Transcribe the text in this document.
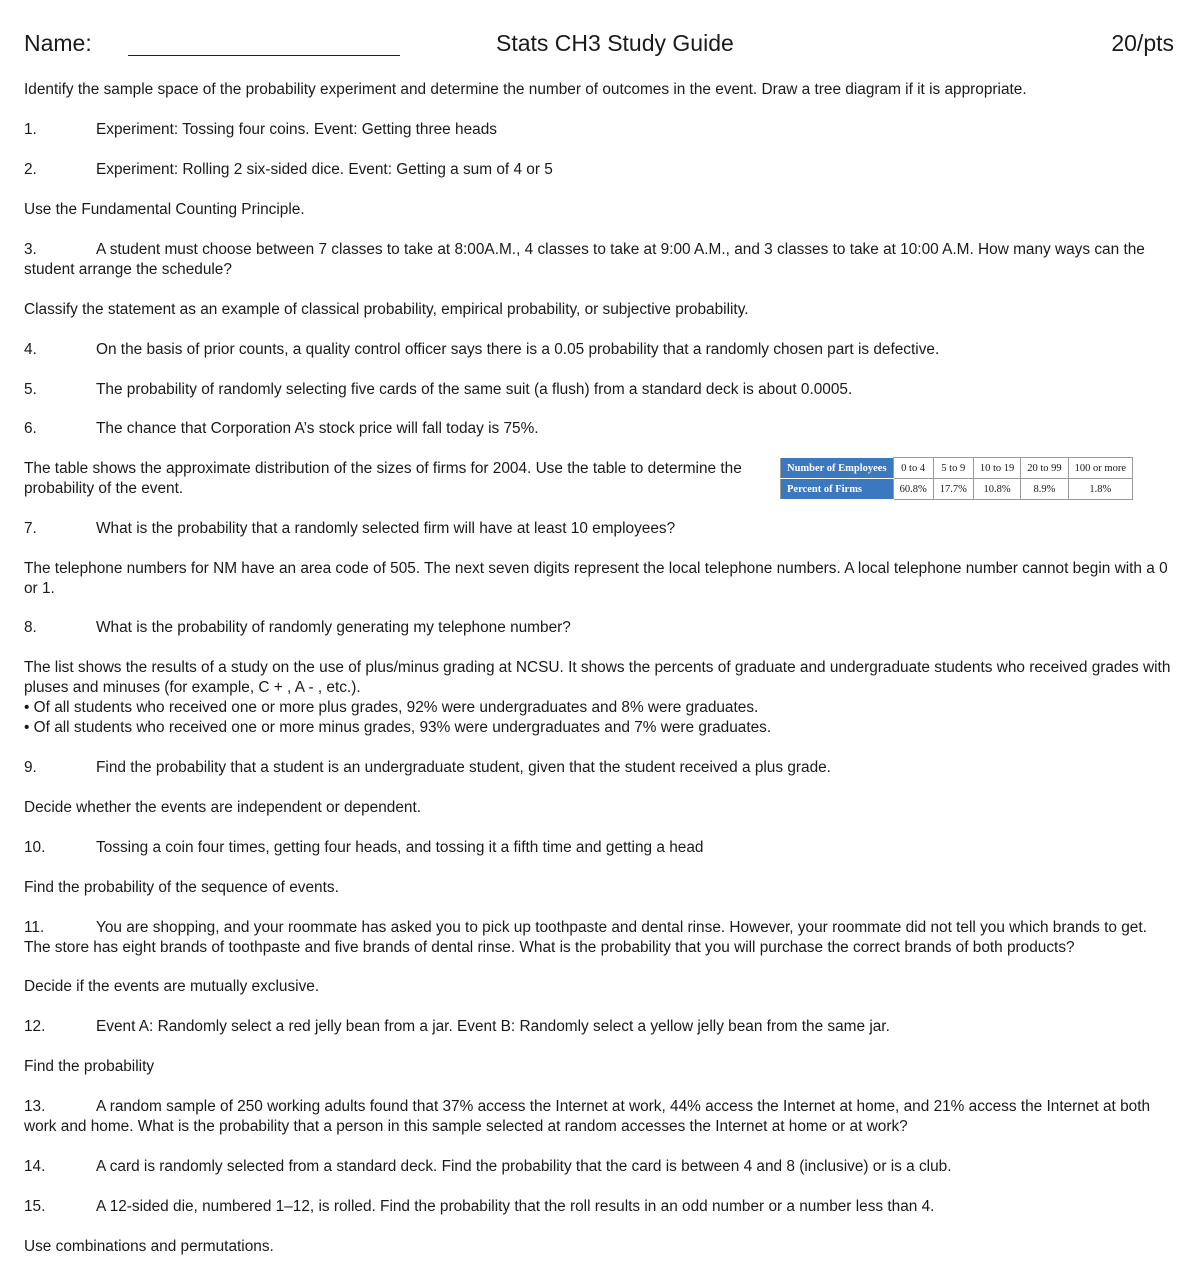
Name:	Stats CH3 Study Guide	20/pts
Identify the sample space of the probability experiment and determine the number of outcomes in the event. Draw a tree diagram if it is appropriate.
1.	Experiment: Tossing four coins. Event: Getting three heads
2.	Experiment: Rolling 2 six-sided dice. Event: Getting a sum of 4 or 5
Use the Fundamental Counting Principle.
3.	A student must choose between 7 classes to take at 8:00A.M., 4 classes to take at 9:00 A.M., and 3 classes to take at 10:00 A.M. How many ways can the student arrange the schedule?
Classify the statement as an example of classical probability, empirical probability, or subjective probability.
4.	On the basis of prior counts, a quality control officer says there is a 0.05 probability that a randomly chosen part is defective.
5.	The probability of randomly selecting five cards of the same suit (a flush) from a standard deck is about 0.0005.
6.	The chance that Corporation A’s stock price will fall today is 75%.
The table shows the approximate distribution of the sizes of firms for 2004. Use the table to determine the probability of the event.
Number of Employees	0 to 4	5 to 9	10 to 19	20 to 99	100 or more
Percent of Firms	60.8%	17.7%	10.8%	8.9%	1.8%
7.	What is the probability that a randomly selected firm will have at least 10 employees?
The telephone numbers for NM have an area code of 505. The next seven digits represent the local telephone numbers. A local telephone number cannot begin with a 0 or 1.
8.	What is the probability of randomly generating my telephone number?
The list shows the results of a study on the use of plus/minus grading at NCSU. It shows the percents of graduate and undergraduate students who received grades with pluses and minuses (for example, C + , A - , etc.).
• Of all students who received one or more plus grades, 92% were undergraduates and 8% were graduates.
• Of all students who received one or more minus grades, 93% were undergraduates and 7% were graduates.
9.	Find the probability that a student is an undergraduate student, given that the student received a plus grade.
Decide whether the events are independent or dependent.
10.	Tossing a coin four times, getting four heads, and tossing it a fifth time and getting a head
Find the probability of the sequence of events.
11.	You are shopping, and your roommate has asked you to pick up toothpaste and dental rinse. However, your roommate did not tell you which brands to get. The store has eight brands of toothpaste and five brands of dental rinse. What is the probability that you will purchase the correct brands of both products?
Decide if the events are mutually exclusive.
12.	Event A: Randomly select a red jelly bean from a jar. Event B: Randomly select a yellow jelly bean from the same jar.
Find the probability
13.	A random sample of 250 working adults found that 37% access the Internet at work, 44% access the Internet at home, and 21% access the Internet at both work and home. What is the probability that a person in this sample selected at random accesses the Internet at home or at work?
14.	A card is randomly selected from a standard deck. Find the probability that the card is between 4 and 8 (inclusive) or is a club.
15.	A 12-sided die, numbered 1–12, is rolled. Find the probability that the roll results in an odd number or a number less than 4.
Use combinations and permutations.
